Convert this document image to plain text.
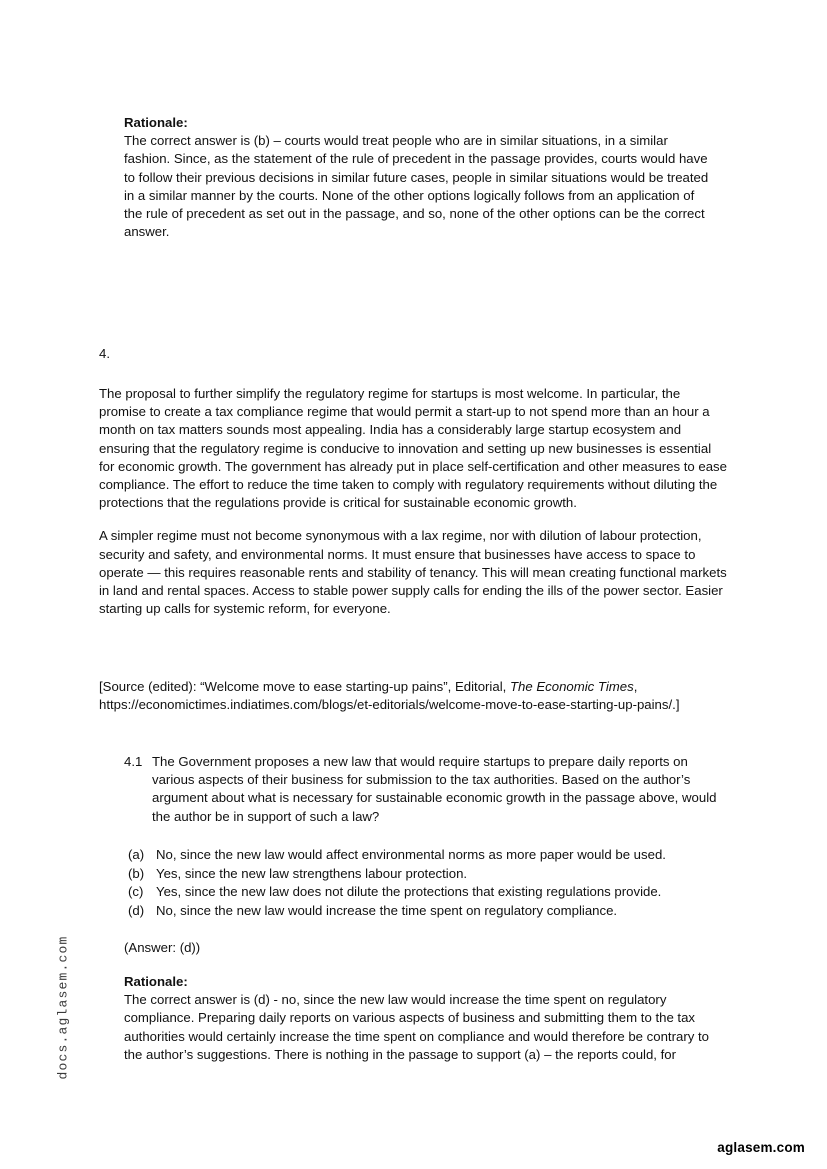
Rationale:

The correct answer is (b) – courts would treat people who are in similar situations, in a similar fashion. Since, as the statement of the rule of precedent in the passage provides, courts would have to follow their previous decisions in similar future cases, people in similar situations would be treated in a similar manner by the courts. None of the other options logically follows from an application of the rule of precedent as set out in the passage, and so, none of the other options can be the correct answer.

4.

The proposal to further simplify the regulatory regime for startups is most welcome. In particular, the promise to create a tax compliance regime that would permit a start-up to not spend more than an hour a month on tax matters sounds most appealing. India has a considerably large startup ecosystem and ensuring that the regulatory regime is conducive to innovation and setting up new businesses is essential for economic growth. The government has already put in place self-certification and other measures to ease compliance. The effort to reduce the time taken to comply with regulatory requirements without diluting the protections that the regulations provide is critical for sustainable economic growth.

A simpler regime must not become synonymous with a lax regime, nor with dilution of labour protection, security and safety, and environmental norms. It must ensure that businesses have access to space to operate — this requires reasonable rents and stability of tenancy. This will mean creating functional markets in land and rental spaces. Access to stable power supply calls for ending the ills of the power sector. Easier starting up calls for systemic reform, for everyone.

[Source (edited): “Welcome move to ease starting-up pains”, Editorial, The Economic Times, https://economictimes.indiatimes.com/blogs/et-editorials/welcome-move-to-ease-starting-up-pains/.]

4.1 The Government proposes a new law that would require startups to prepare daily reports on various aspects of their business for submission to the tax authorities. Based on the author’s argument about what is necessary for sustainable economic growth in the passage above, would the author be in support of such a law?
(a) No, since the new law would affect environmental norms as more paper would be used.
(b) Yes, since the new law strengthens labour protection.
(c) Yes, since the new law does not dilute the protections that existing regulations provide.
(d) No, since the new law would increase the time spent on regulatory compliance.
(Answer: (d))

Rationale:

The correct answer is (d) - no, since the new law would increase the time spent on regulatory compliance. Preparing daily reports on various aspects of business and submitting them to the tax authorities would certainly increase the time spent on compliance and would therefore be contrary to the author’s suggestions. There is nothing in the passage to support (a) – the reports could, for

docs.aglasem.com
aglasem.com
